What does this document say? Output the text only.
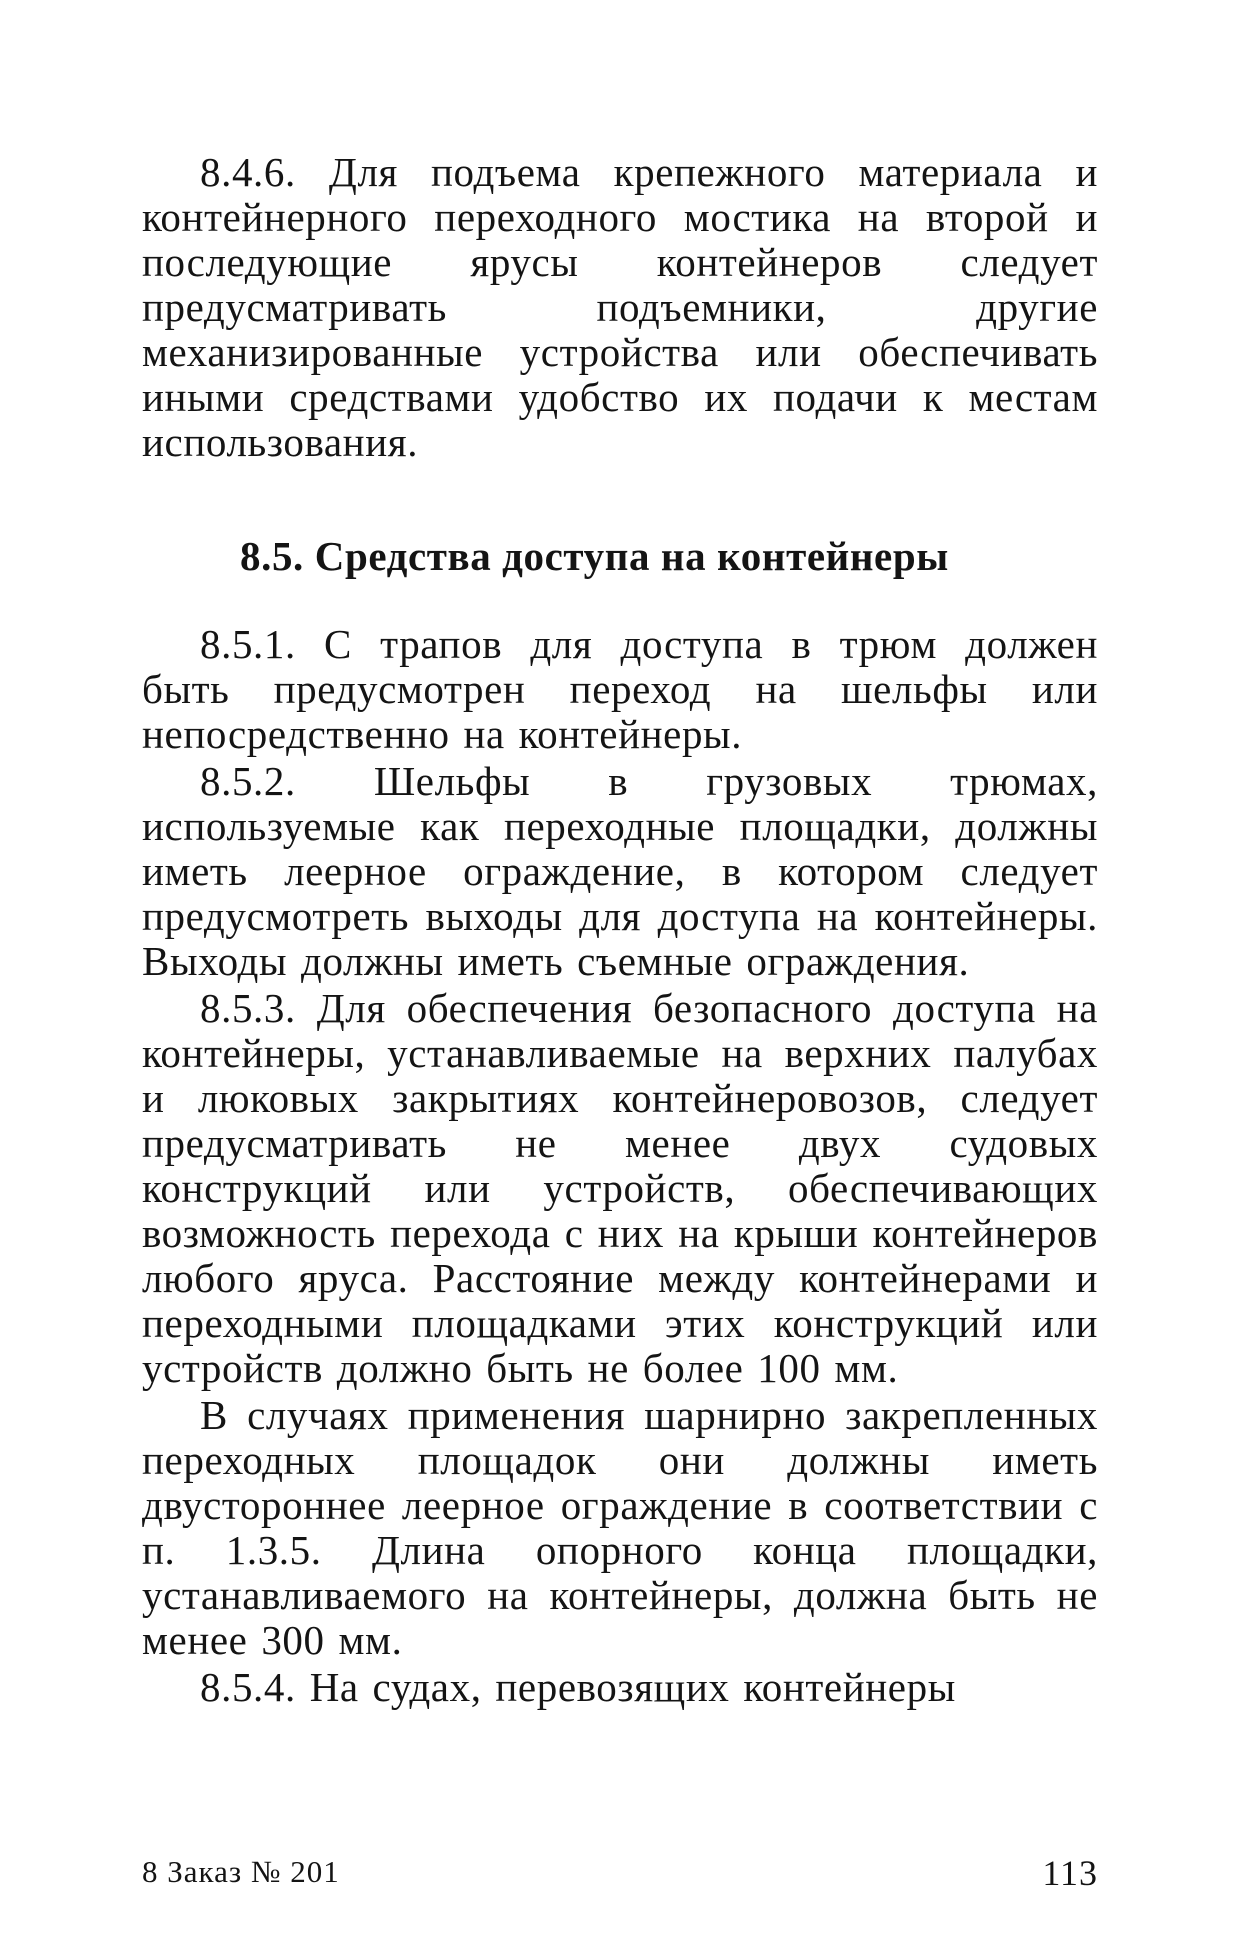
8.4.6. Для подъема крепежного материала и контейнерного переходного мостика на второй и последующие ярусы контейнеров следует предусматривать подъемники, другие механизированные устройства или обеспечивать иными средствами удобство их подачи к местам использования.

8.5. Средства доступа на контейнеры

8.5.1. С трапов для доступа в трюм должен быть предусмотрен переход на шельфы или непосредственно на контейнеры.

8.5.2. Шельфы в грузовых трюмах, используемые как переходные площадки, должны иметь леерное ограждение, в котором следует предусмотреть выходы для доступа на контейнеры. Выходы должны иметь съемные ограждения.

8.5.3. Для обеспечения безопасного доступа на контейнеры, устанавливаемые на верхних палубах и люковых закрытиях контейнеровозов, следует предусматривать не менее двух судовых конструкций или устройств, обеспечивающих возможность перехода с них на крыши контейнеров любого яруса. Расстояние между контейнерами и переходными площадками этих конструкций или устройств должно быть не более 100 мм.

В случаях применения шарнирно закрепленных переходных площадок они должны иметь двустороннее леерное ограждение в соответствии с п. 1.3.5. Длина опорного конца площадки, устанавливаемого на контейнеры, должна быть не менее 300 мм.

8.5.4. На судах, перевозящих контейнеры

8 Заказ № 201	113
